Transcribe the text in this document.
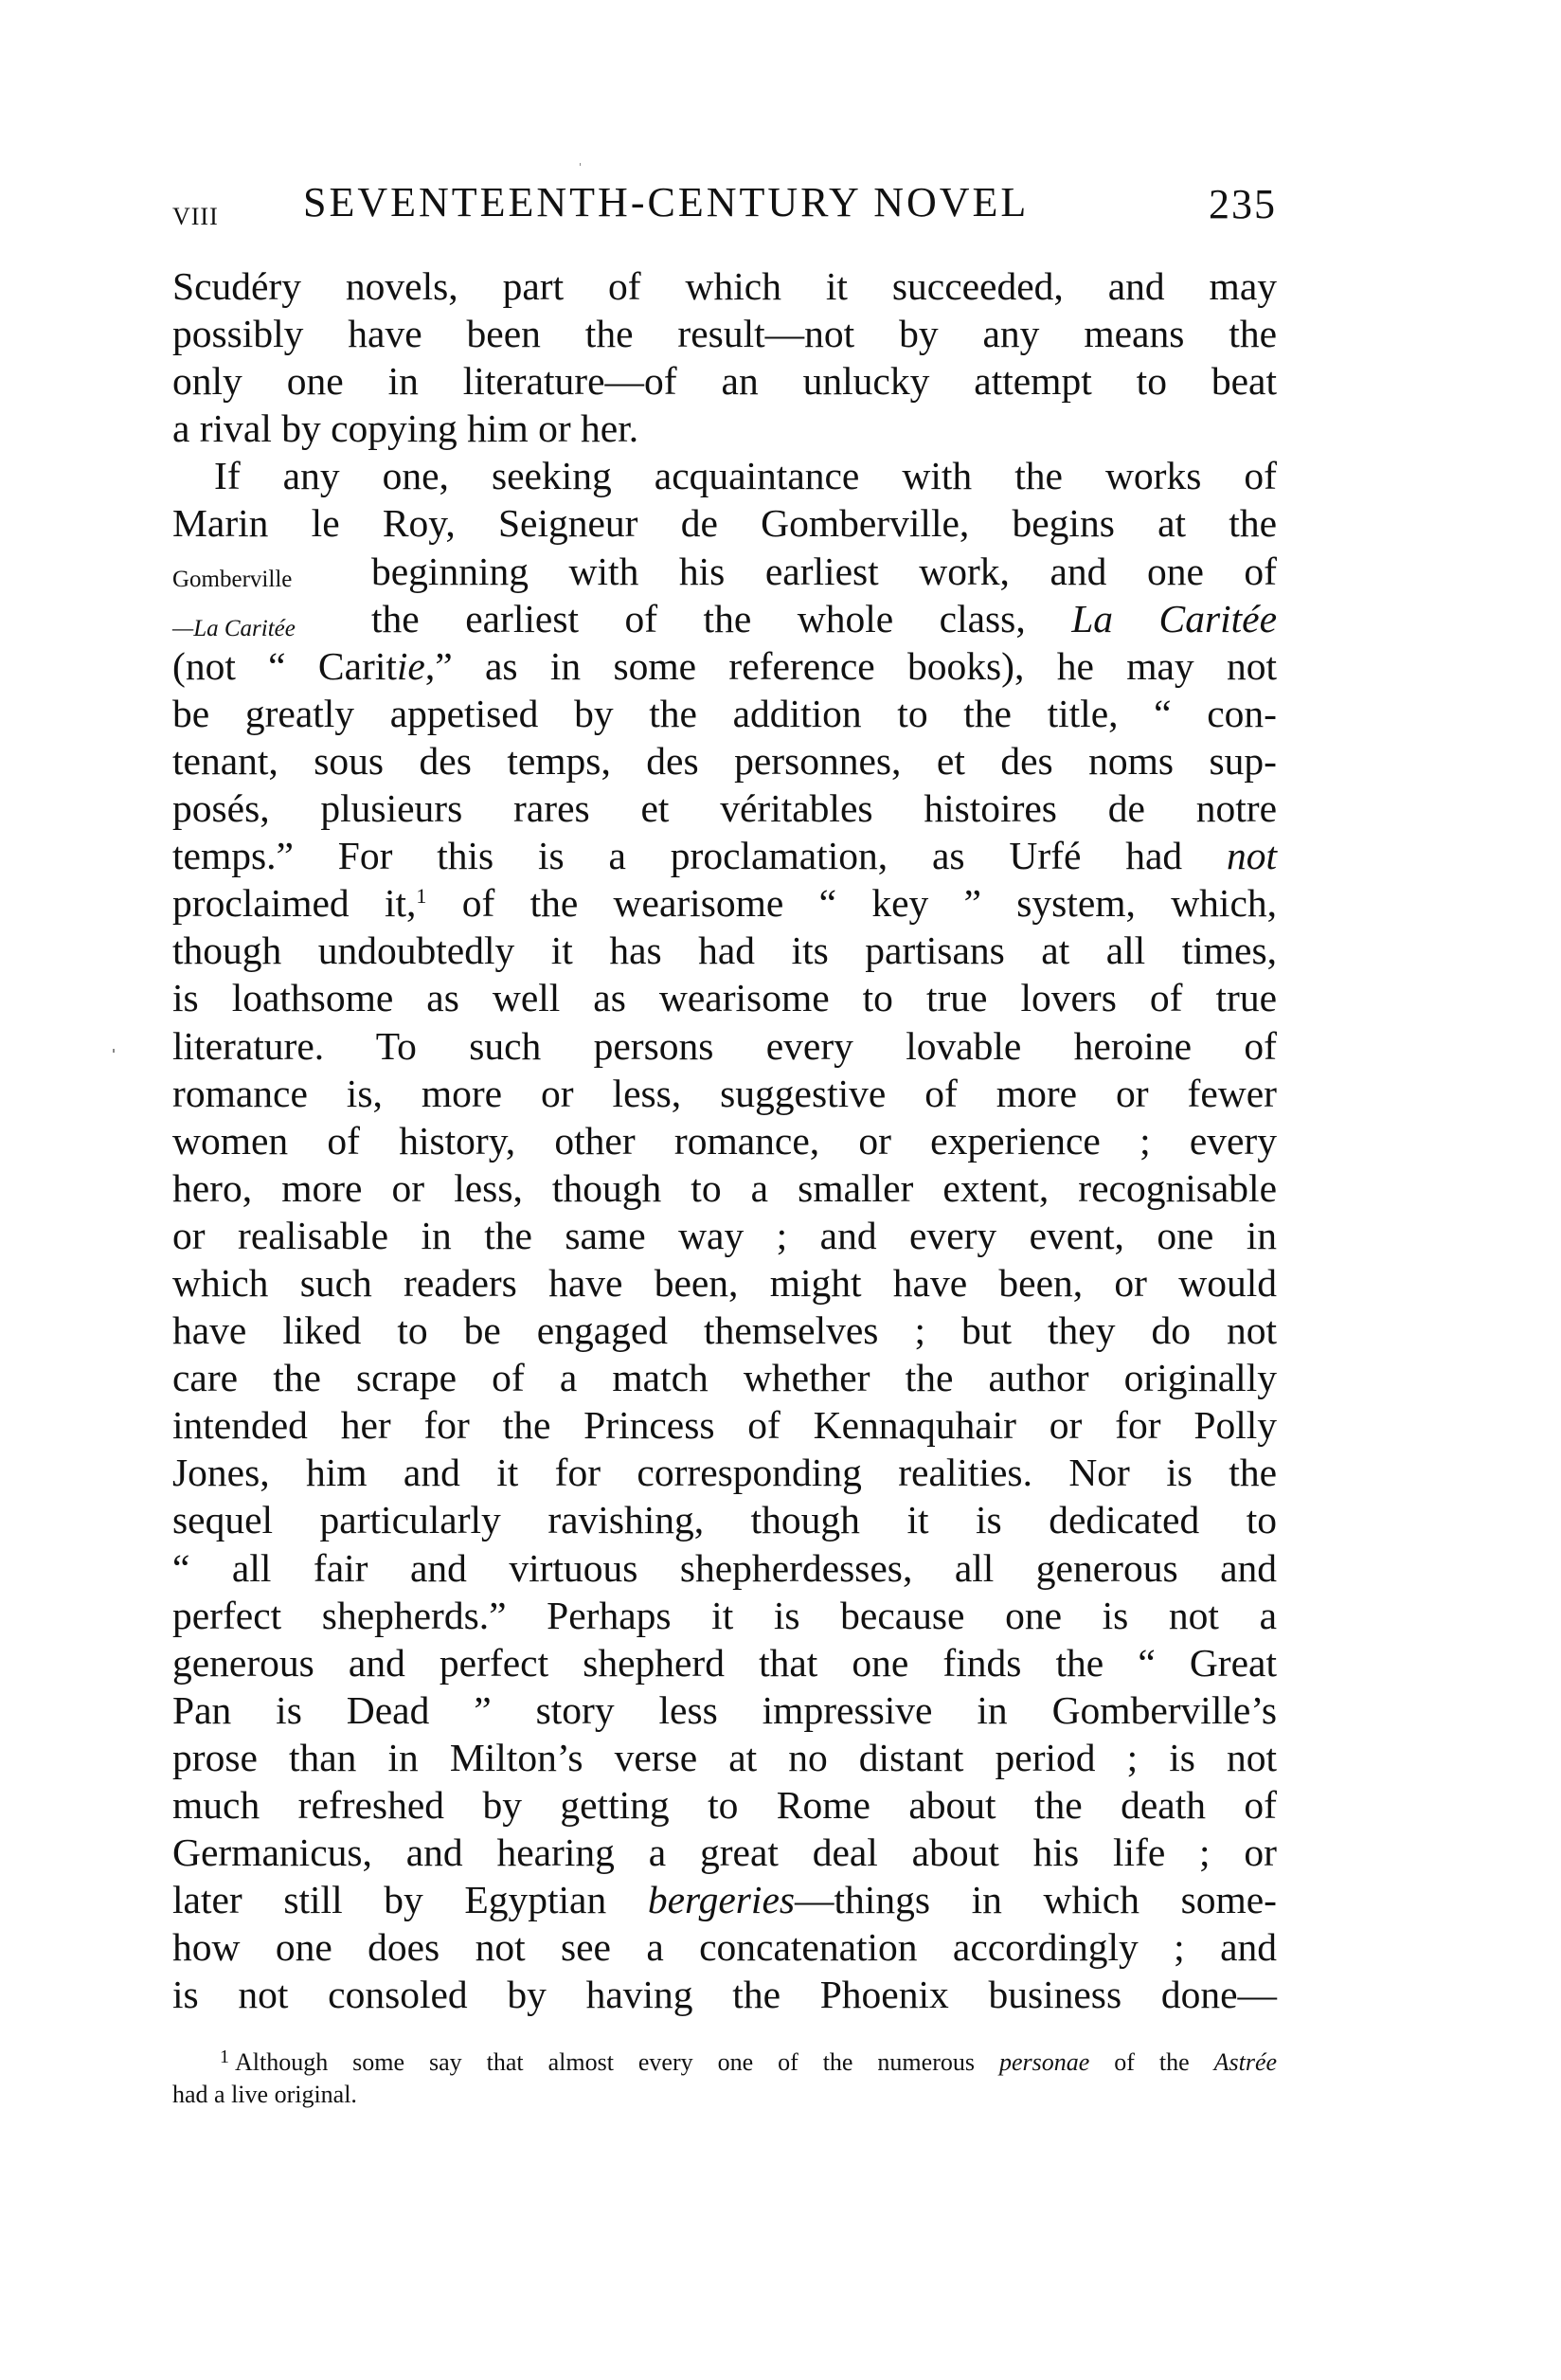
VIII SEVENTEENTH-CENTURY NOVEL	235
Gomberville
—La Caritée
Scudéry novels, part of which it succeeded, and may
possibly have been the result—not by any means the
only one in literature—of an unlucky attempt to beat
a rival by copying him or her.
If any one, seeking acquaintance with the works of
Marin le Roy, Seigneur de Gomberville, begins at the
beginning with his earliest work, and one of
the earliest of the whole class, La Caritée
(not “ Caritie,” as in some reference books), he may not
be greatly appetised by the addition to the title, “ con-
tenant, sous des temps, des personnes, et des noms sup-
posés, plusieurs rares et véritables histoires de notre
temps.” For this is a proclamation, as Urfé had not
proclaimed it,$^1$ of the wearisome “ key ” system, which,
though undoubtedly it has had its partisans at all times,
is loathsome as well as wearisome to true lovers of true
literature. To such persons every lovable heroine of
romance is, more or less, suggestive of more or fewer
women of history, other romance, or experience ; every
hero, more or less, though to a smaller extent, recognisable
or realisable in the same way ; and every event, one in
which such readers have been, might have been, or would
have liked to be engaged themselves ; but they do not
care the scrape of a match whether the author originally
intended her for the Princess of Kennaquhair or for Polly
Jones, him and it for corresponding realities. Nor is the
sequel particularly ravishing, though it is dedicated to
“ all fair and virtuous shepherdesses, all generous and
perfect shepherds.” Perhaps it is because one is not a
generous and perfect shepherd that one finds the “ Great
Pan is Dead ” story less impressive in Gomberville’s
prose than in Milton’s verse at no distant period ; is not
much refreshed by getting to Rome about the death of
Germanicus, and hearing a great deal about his life ; or
later still by Egyptian bergeries—things in which some-
how one does not see a concatenation accordingly ; and
is not consoled by having the Phoenix business done—
$^1$ Although some say that almost every one of the numerous personae of the Astrée
had a live original.
